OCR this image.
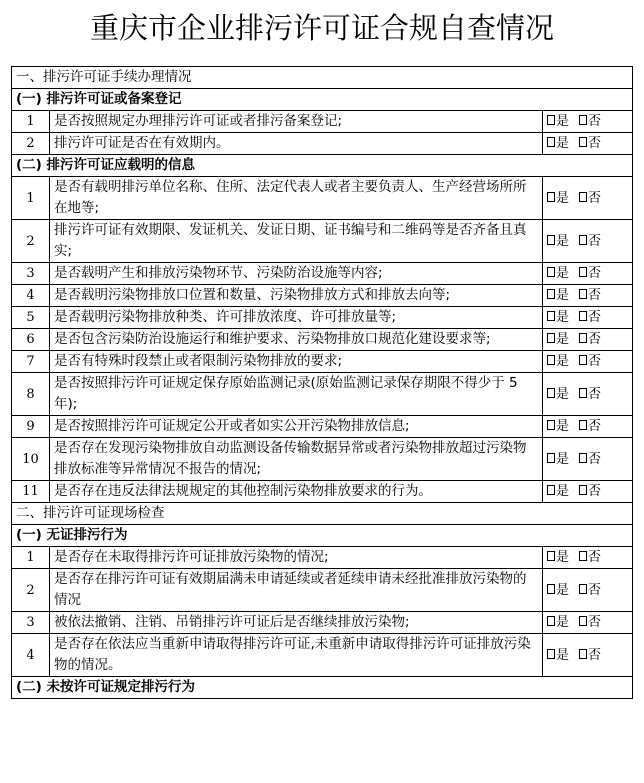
重庆市企业排污许可证合规自查情况
一、排污许可证手续办理情况		
(一) 排污许可证或备案登记		
1	是否按照规定办理排污许可证或者排污备案登记;	是 否
2	排污许可证是否在有效期内。	是 否
(二) 排污许可证应载明的信息		
1	是否有载明排污单位名称、住所、法定代表人或者主要负责人、生产经营场所所在地等;	是 否
2	排污许可证有效期限、发证机关、发证日期、证书编号和二维码等是否齐备且真实;	是 否
3	是否载明产生和排放污染物环节、污染防治设施等内容;	是 否
4	是否载明污染物排放口位置和数量、污染物排放方式和排放去向等;	是 否
5	是否载明污染物排放种类、许可排放浓度、许可排放量等;	是 否
6	是否包含污染防治设施运行和维护要求、污染物排放口规范化建设要求等;	是 否
7	是否有特殊时段禁止或者限制污染物排放的要求;	是 否
8	是否按照排污许可证规定保存原始监测记录(原始监测记录保存期限不得少于 5 年);	是 否
9	是否按照排污许可证规定公开或者如实公开污染物排放信息;	是 否
10	是否存在发现污染物排放自动监测设备传输数据异常或者污染物排放超过污染物排放标准等异常情况不报告的情况;	是 否
11	是否存在违反法律法规规定的其他控制污染物排放要求的行为。	是 否
二、排污许可证现场检查		
(一) 无证排污行为		
1	是否存在未取得排污许可证排放污染物的情况;	是 否
2	是否存在排污许可证有效期届满未申请延续或者延续申请未经批准排放污染物的情况	是 否
3	被依法撤销、注销、吊销排污许可证后是否继续排放污染物;	是 否
4	是否存在依法应当重新申请取得排污许可证,未重新申请取得排污许可证排放污染物的情况。	是 否
(二) 未按许可证规定排污行为		
